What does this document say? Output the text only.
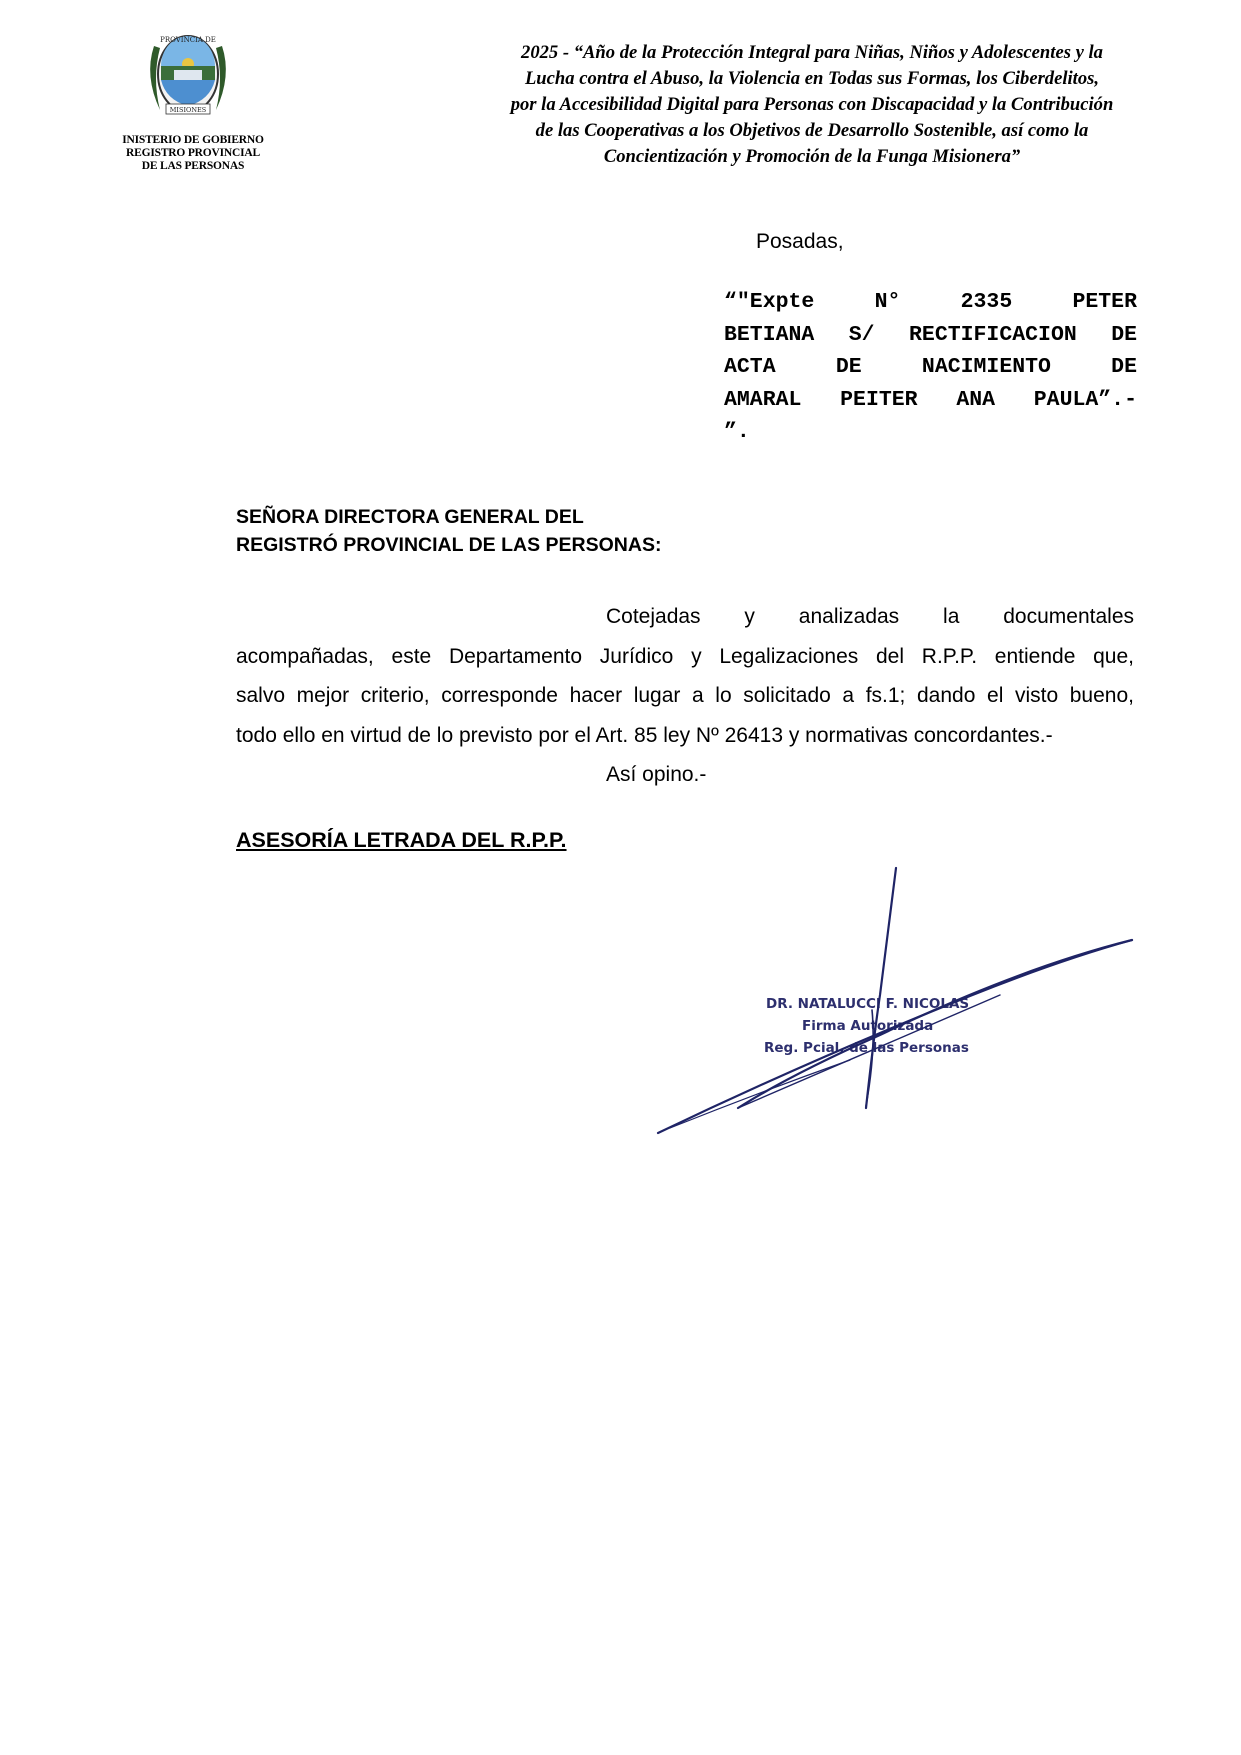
PROVINCIA DE
MISIONES
INISTERIO DE GOBIERNO
REGISTRO PROVINCIAL
DE LAS PERSONAS
2025 - “Año de la Protección Integral para Niñas, Niños y Adolescentes y la
Lucha contra el Abuso, la Violencia en Todas sus Formas, los Ciberdelitos,
por la Accesibilidad Digital para Personas con Discapacidad y la Contribución
de las Cooperativas a los Objetivos de Desarrollo Sostenible, así como la
Concientización y Promoción de la Funga Misionera”
Posadas,
“"Expte N° 2335 PETER
BETIANA S/ RECTIFICACION DE
ACTA DE NACIMIENTO DE
AMARAL PEITER ANA PAULA”.-
”.
SEÑORA DIRECTORA GENERAL DEL
REGISTRÓ PROVINCIAL DE LAS PERSONAS:
Cotejadas y analizadas la documentales
acompañadas, este Departamento Jurídico y Legalizaciones del R.P.P. entiende que,
salvo mejor criterio, corresponde hacer lugar a lo solicitado a fs.1; dando el visto bueno,
todo ello en virtud de lo previsto por el Art. 85 ley Nº 26413 y normativas concordantes.-
Así opino.-
ASESORÍA LETRADA DEL R.P.P.
DR. NATALUCCI F. NICOLAS
Firma Autorizada
Reg. Pcial. de las Personas
